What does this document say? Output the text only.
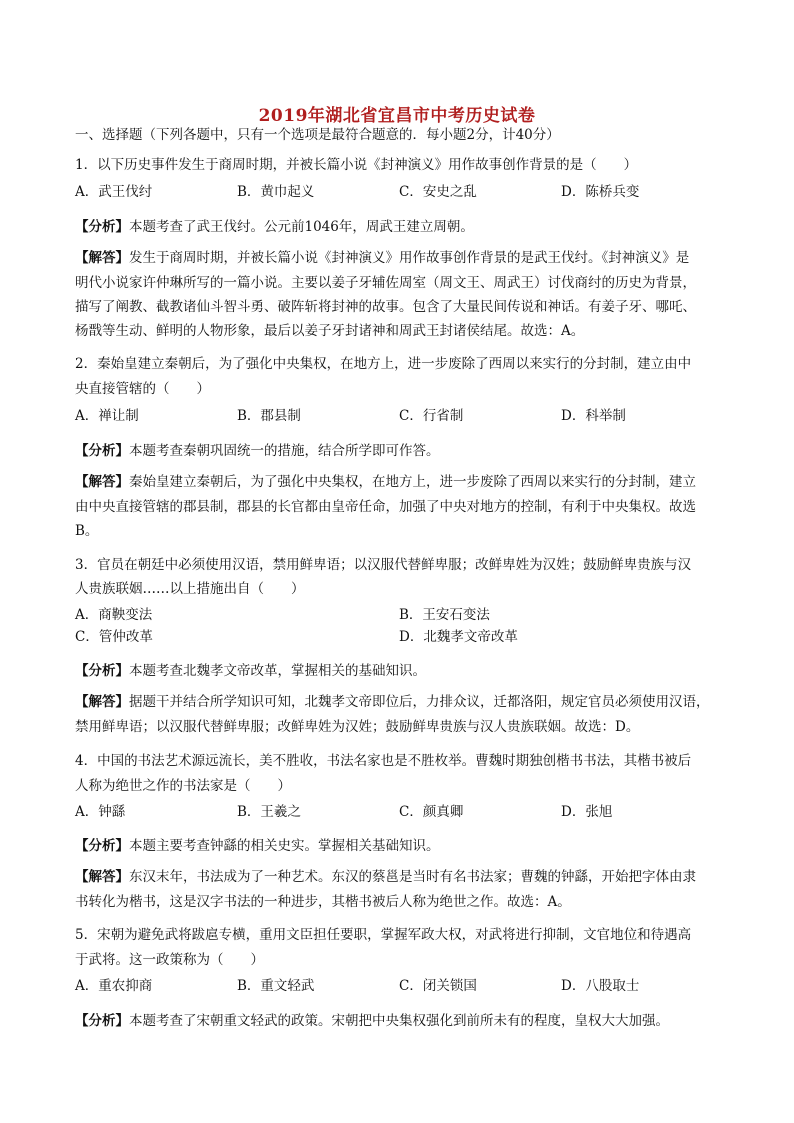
2019年湖北省宜昌市中考历史试卷
一、选择题（下列各题中，只有一个选项是最符合题意的．每小题2分，计40分）
1．以下历史事件发生于商周时期，并被长篇小说《封神演义》用作故事创作背景的是（　　）
A．武王伐纣	B．黄巾起义	C．安史之乱	D．陈桥兵变
【分析】本题考查了武王伐纣。公元前1046年，周武王建立周朝。
【解答】发生于商周时期，并被长篇小说《封神演义》用作故事创作背景的是武王伐纣。《封神演义》是
明代小说家许仲琳所写的一篇小说。主要以姜子牙辅佐周室（周文王、周武王）讨伐商纣的历史为背景，
描写了阐教、截教诸仙斗智斗勇、破阵斩将封神的故事。包含了大量民间传说和神话。有姜子牙、哪吒、
杨戬等生动、鲜明的人物形象，最后以姜子牙封诸神和周武王封诸侯结尾。故选：A。
2．秦始皇建立秦朝后，为了强化中央集权，在地方上，进一步废除了西周以来实行的分封制，建立由中
央直接管辖的（　　）
A．禅让制	B．郡县制	C．行省制	D．科举制
【分析】本题考查秦朝巩固统一的措施，结合所学即可作答。
【解答】秦始皇建立秦朝后，为了强化中央集权，在地方上，进一步废除了西周以来实行的分封制，建立
由中央直接管辖的郡县制，郡县的长官都由皇帝任命，加强了中央对地方的控制，有利于中央集权。故选
B。
3．官员在朝廷中必须使用汉语，禁用鲜卑语；以汉服代替鲜卑服；改鲜卑姓为汉姓；鼓励鲜卑贵族与汉
人贵族联姻……以上措施出自（　　）
A．商鞅变法	B．王安石变法
C．管仲改革	D．北魏孝文帝改革
【分析】本题考查北魏孝文帝改革，掌握相关的基础知识。
【解答】据题干并结合所学知识可知，北魏孝文帝即位后，力排众议，迁都洛阳，规定官员必须使用汉语，
禁用鲜卑语；以汉服代替鲜卑服；改鲜卑姓为汉姓；鼓励鲜卑贵族与汉人贵族联姻。故选：D。
4．中国的书法艺术源远流长，美不胜收，书法名家也是不胜枚举。曹魏时期独创楷书书法，其楷书被后
人称为绝世之作的书法家是（　　）
A．钟繇	B．王羲之	C．颜真卿	D．张旭
【分析】本题主要考查钟繇的相关史实。掌握相关基础知识。
【解答】东汉末年，书法成为了一种艺术。东汉的蔡邕是当时有名书法家；曹魏的钟繇，开始把字体由隶
书转化为楷书，这是汉字书法的一种进步，其楷书被后人称为绝世之作。故选：A。
5．宋朝为避免武将跋扈专横，重用文臣担任要职，掌握军政大权，对武将进行抑制，文官地位和待遇高
于武将。这一政策称为（　　）
A．重农抑商	B．重文轻武	C．闭关锁国	D．八股取士
【分析】本题考查了宋朝重文轻武的政策。宋朝把中央集权强化到前所未有的程度，皇权大大加强。
